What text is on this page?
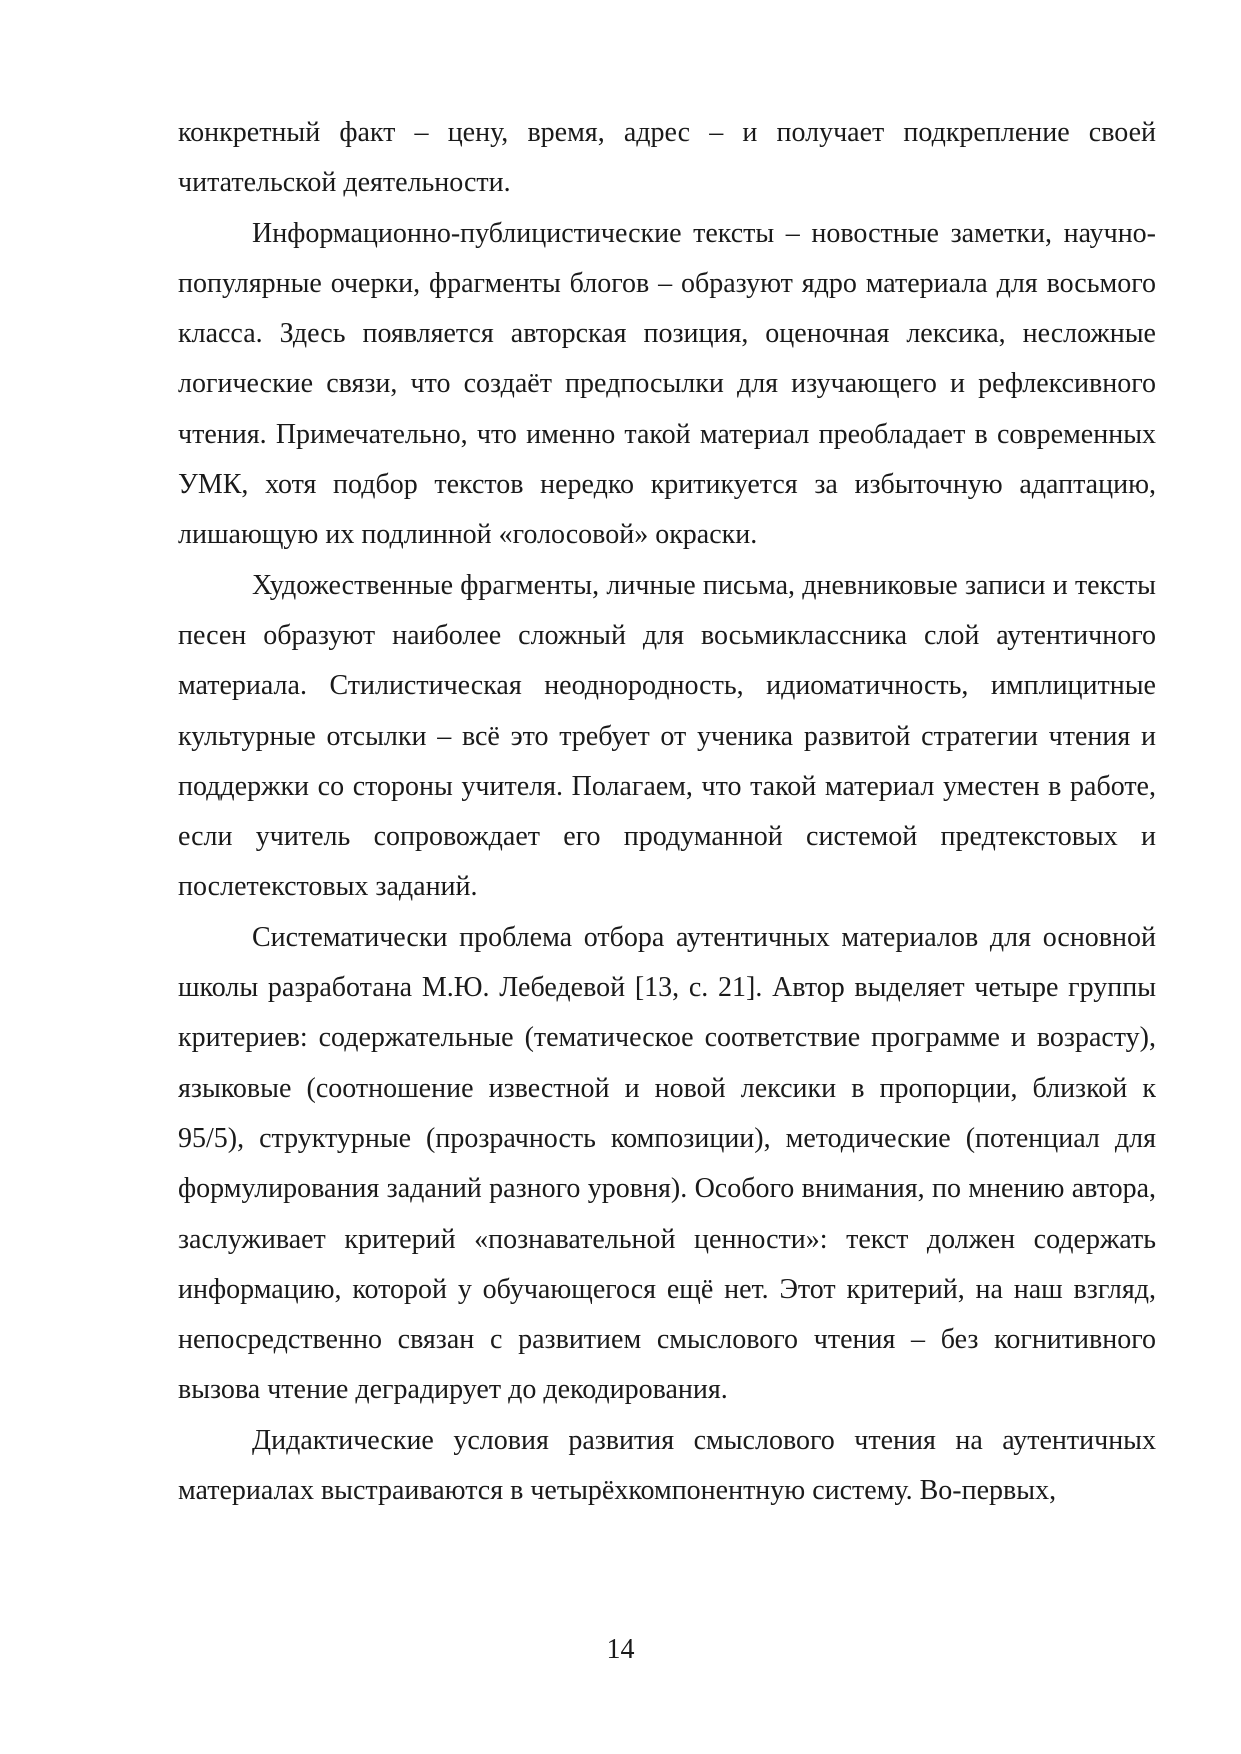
конкретный факт – цену, время, адрес – и получает подкрепление своей читательской деятельности.

Информационно-публицистические тексты – новостные заметки, научно-популярные очерки, фрагменты блогов – образуют ядро материала для восьмого класса. Здесь появляется авторская позиция, оценочная лексика, несложные логические связи, что создаёт предпосылки для изучающего и рефлексивного чтения. Примечательно, что именно такой материал преобладает в современных УМК, хотя подбор текстов нередко критикуется за избыточную адаптацию, лишающую их подлинной «голосовой» окраски.

Художественные фрагменты, личные письма, дневниковые записи и тексты песен образуют наиболее сложный для восьмиклассника слой аутентичного материала. Стилистическая неоднородность, идиоматичность, имплицитные культурные отсылки – всё это требует от ученика развитой стратегии чтения и поддержки со стороны учителя. Полагаем, что такой материал уместен в работе, если учитель сопровождает его продуманной системой предтекстовых и послетекстовых заданий.

Систематически проблема отбора аутентичных материалов для основной школы разработана М.Ю. Лебедевой [13, с. 21]. Автор выделяет четыре группы критериев: содержательные (тематическое соответствие программе и возрасту), языковые (соотношение известной и новой лексики в пропорции, близкой к 95/5), структурные (прозрачность композиции), методические (потенциал для формулирования заданий разного уровня). Особого внимания, по мнению автора, заслуживает критерий «познавательной ценности»: текст должен содержать информацию, которой у обучающегося ещё нет. Этот критерий, на наш взгляд, непосредственно связан с развитием смыслового чтения – без когнитивного вызова чтение деградирует до декодирования.

Дидактические условия развития смыслового чтения на аутентичных материалах выстраиваются в четырёхкомпонентную систему. Во-первых,

14
